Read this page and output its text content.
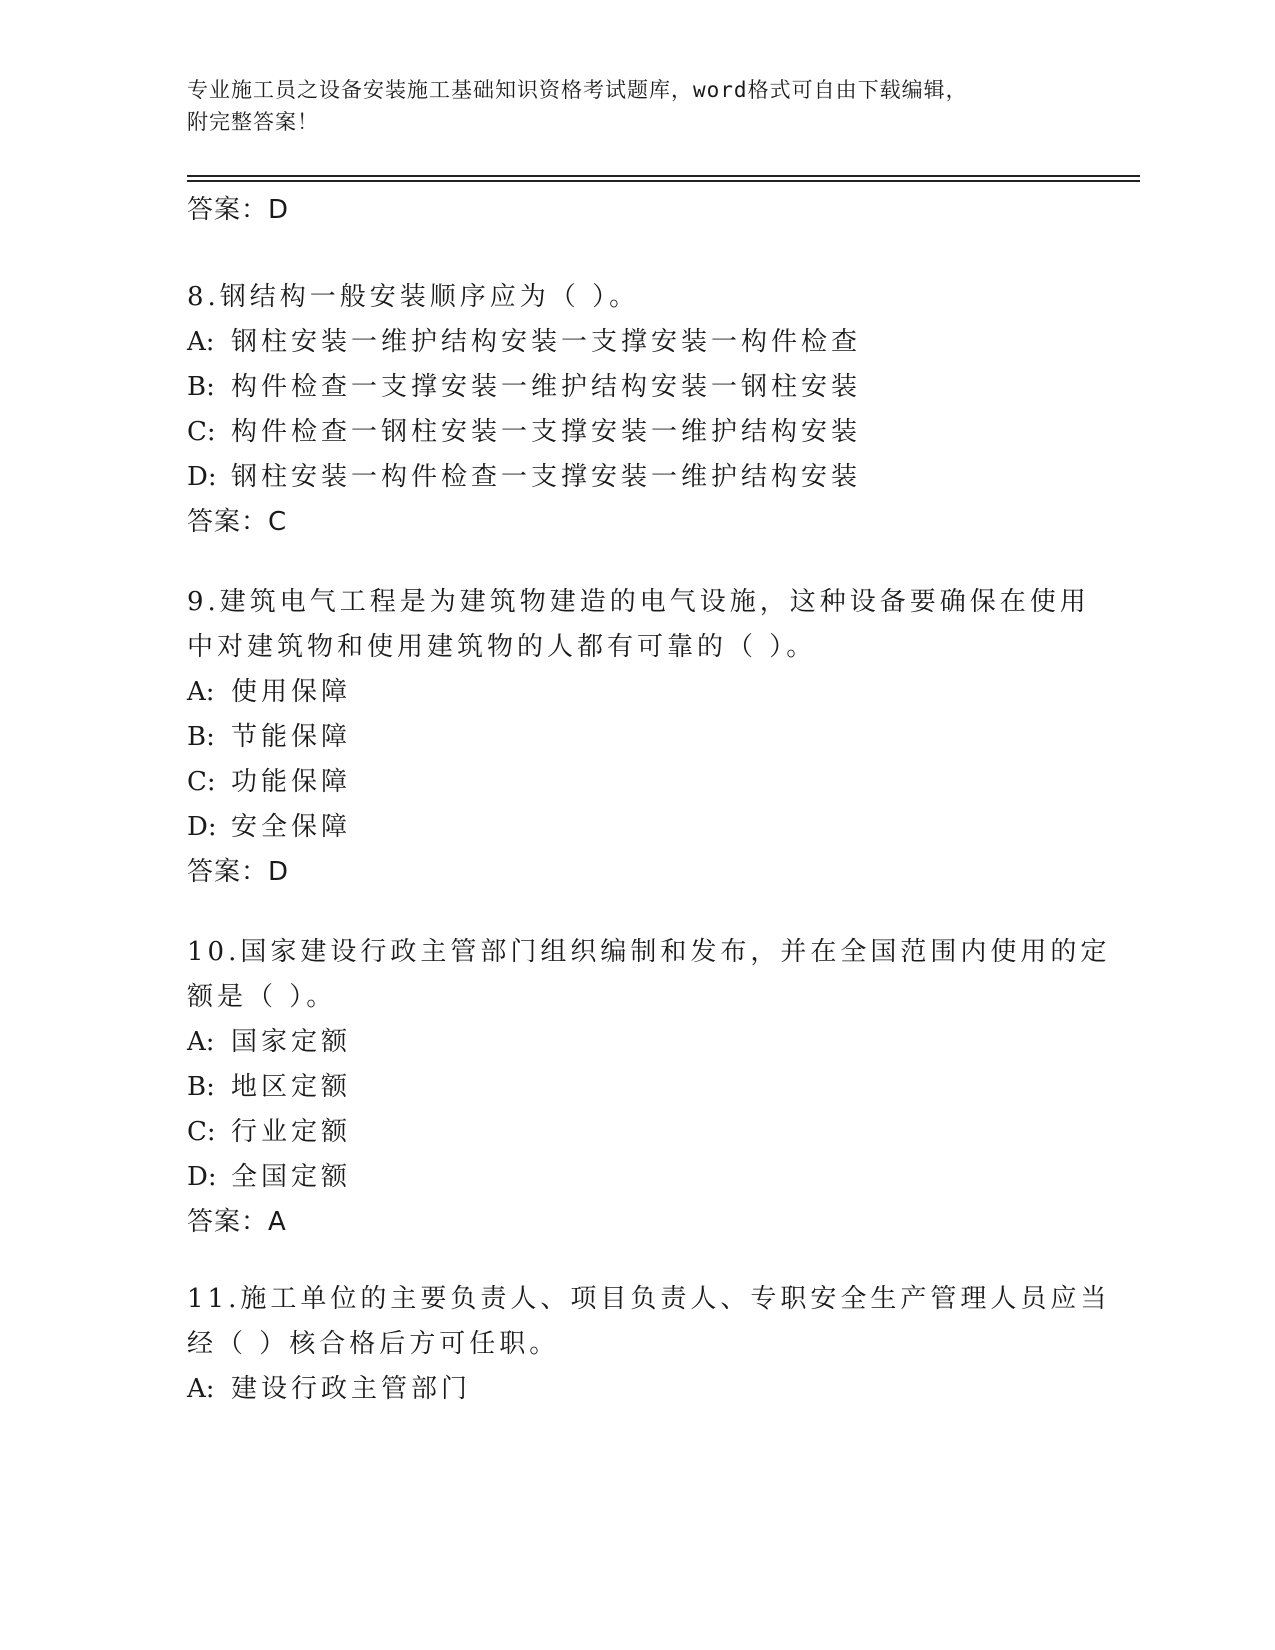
专业施工员之设备安装施工基础知识资格考试题库，word格式可自由下载编辑，
附完整答案！
答案：D
8.钢结构一般安装顺序应为（ ）。
A: 钢柱安装一维护结构安装一支撑安装一构件检查
B: 构件检查一支撑安装一维护结构安装一钢柱安装
C: 构件检查一钢柱安装一支撑安装一维护结构安装
D: 钢柱安装一构件检查一支撑安装一维护结构安装
答案：C
9.建筑电气工程是为建筑物建造的电气设施，这种设备要确保在使用
中对建筑物和使用建筑物的人都有可靠的（ ）。
A: 使用保障
B: 节能保障
C: 功能保障
D: 安全保障
答案：D
10.国家建设行政主管部门组织编制和发布，并在全国范围内使用的定
额是（ ）。
A: 国家定额
B: 地区定额
C: 行业定额
D: 全国定额
答案：A
11.施工单位的主要负责人、项目负责人、专职安全生产管理人员应当
经（ ）核合格后方可任职。
A: 建设行政主管部门
